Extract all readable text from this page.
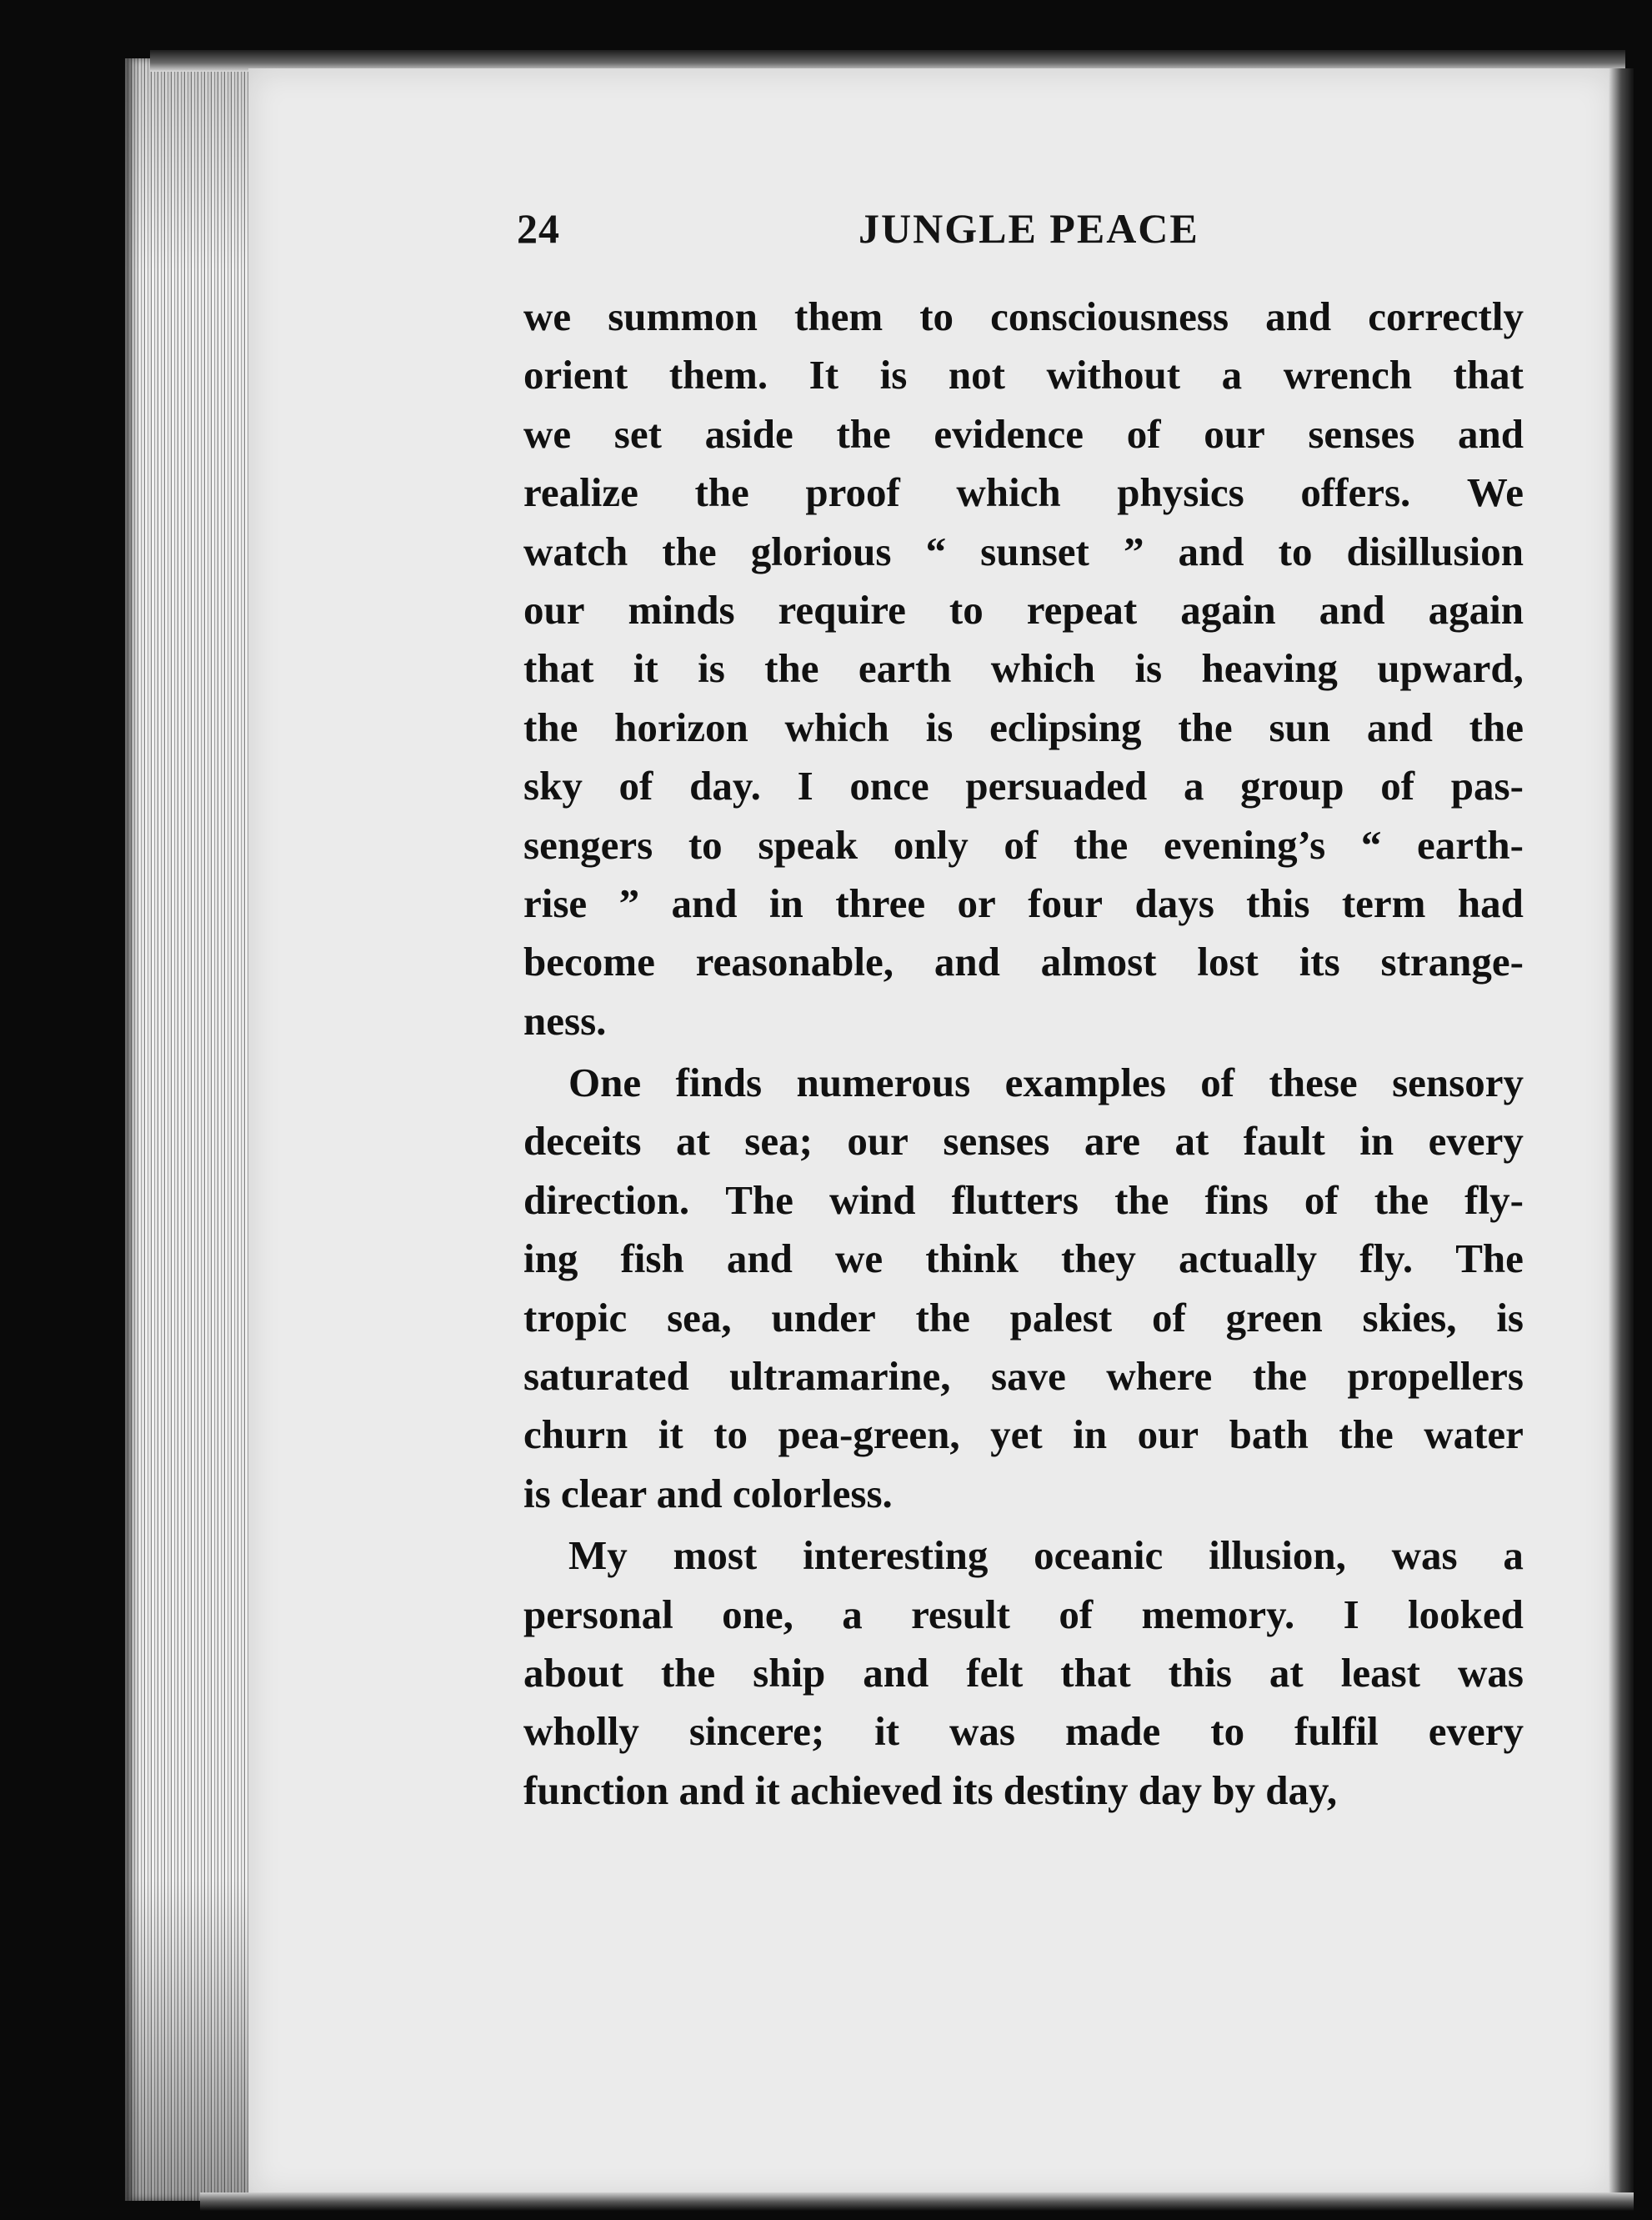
24	JUNGLE PEACE
we summon them to consciousness and correctly
orient them. It is not without a wrench that
we set aside the evidence of our senses and
realize the proof which physics offers. We
watch the glorious “ sunset ” and to disillusion
our minds require to repeat again and again
that it is the earth which is heaving upward,
the horizon which is eclipsing the sun and the
sky of day. I once persuaded a group of pas-
sengers to speak only of the evening’s “ earth-
rise ” and in three or four days this term had
become reasonable, and almost lost its strange-
ness.
One finds numerous examples of these sensory
deceits at sea; our senses are at fault in every
direction. The wind flutters the fins of the fly-
ing fish and we think they actually fly. The
tropic sea, under the palest of green skies, is
saturated ultramarine, save where the propellers
churn it to pea-green, yet in our bath the water
is clear and colorless.
My most interesting oceanic illusion, was a
personal one, a result of memory. I looked
about the ship and felt that this at least was
wholly sincere; it was made to fulfil every
function and it achieved its destiny day by day,
